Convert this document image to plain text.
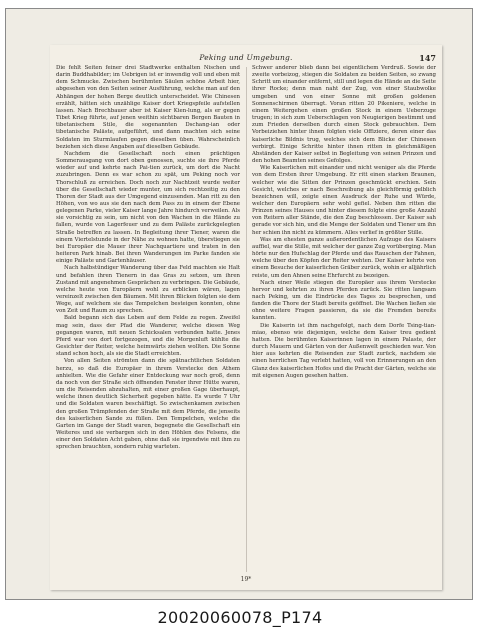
Peking und Umgebung.	147

Die fehlt Seiten feiner drei Stadtwerke enthalten Nischen und darin Buddhabilder; im Uebrigen ist er inwendig voll und eben mit dem Schmucke. Zwischen berühmten Säulen schöne Arbeit hier, abgesehen von den Seiten seiner Ausführung, welche man auf den Abhängen der hohen Berge deutlich unterscheidet. Wie Chinesen erzählt, hätten sich unzählige Kaiser dort Kriegspfeile aufstellen lassen. Nach Brechbauer aber ist Kaiser Kien-lung, als er gegen Tibet Krieg führte, auf jenen weithin sichtbaren Bergen Bauten in tibetanischem Stile, die sogenannten Dschang-ian oder tibetanische Paläste, aufgeführt, und dann machten sich seine Soldaten im Sturmlaufen gegen dieselben üben. Wahrscheinlich beziehen sich diese Angaben auf dieselben Gebäude.

Nachdem die Gesellschaft noch einen prächtigen Sommerausgang von dort oben genossen, suchte sie ihre Pferde wieder auf und kehrte nach Pai-tien zurück, um dort die Nacht zuzubringen. Denn es war schon zu spät, um Peking noch vor Thorschluß zu erreichen. Doch noch zur Nachtzeit wurde weiter über die Gesellschaft wieder munter, um sich rechtzeitig zu den Thoren der Stadt aus der Umgegend einzusenden. Man ritt zu den Höhen, von wo aus sie den nach dem Pass zu in einem der Ebene gelegenen Parke, vieler Kaiser lange Jahre hindurch verweilen. Als sie vorsichtig zu sein, um nicht von den Wachen in die Hände zu fallen, wurde von Lagerfeuer und zu dem Paläste zurückgelegten Straße betreffen zu lassen. In Begleitung ihrer Tiener, waren die einem Viertelstunde in der Nähe zu wohnen hatte, überstiegen sie bei Europäer die Mauer ihrer Nachquartiere und traten in den heiteren Park hinab. Bei ihren Wanderungen im Parke fanden sie einige Paläste und Gartenhäuser.

Nach halbstündiger Wanderung über das Feld machten sie Halt und befahlen ihren Tienern in das Gras zu setzen, um ihren Zustand mit angenehmen Gesprächen zu verbringen. Die Gebäude, welche heute von Europäern wohl zu erblicken wären, lagen vereinzelt zwischen den Bäumen. Mit ihren Blicken folgten sie dem Wege, auf welchem sie das Tempelchen besteigen konnten, ohne von Zeit und Raum zu sprechen.

Bald begann sich das Leben auf dem Felde zu regen. Zweifel mag sein, dass der Pfad die Wanderer, welche diesen Weg gegangen waren, mit neuen Schicksalen verbunden hatte. Jenes Pferd war von dort fortgezogen, und die Morgenluft kühlte die Gesichter der Reiter, welche heimwärts ziehen wollten. Die Sonne stand schon hoch, als sie die Stadt erreichten.

Von allen Seiten strömten dann die spätnachtlichen Soldaten herzu, so daß die Europäer in ihrem Verstecke den Athem anhielten. Wie die Gefahr einer Entdeckung war noch groß, denn da noch von der Straße sich öffnenden Fenster ihrer Hütte waren, um die Reisenden abzuhalten, mit einer großen Gage überhaupt, welche ihnen deutlich Sicherheit gegeben hätte. Es wurde 7 Uhr und die Soldaten waren beschäftigt. So zwischenkamen zwischen den großen Trümpfenden der Straße mit dem Pferde, die jenseits des kaiserlichen Sande zu füllen. Den Tempelchen, welche die Garten im Gange der Stadt waren, begegnete die Gesellschaft ein Weiteres und sie verbargen sich in den Höhlen des Felsens, die einer den Soldaten Acht gaben, ohne daß sie irgendwie mit ihm zu sprechen brauchten, sondern ruhig warteten.

Schwer anderer blieb dann bei eigentlichem Verdruß. Sowie der zweite vorbeizog, stiegen die Soldaten zu beiden Seiten, so zwang Schritt um einander entfernt, still und legen die Hände an die Seite ihrer Rocke; denn man naht der Zug, von einer Staubwolke umgeben und von einer Sonne mit großen goldenen Sonnenschirmen überragt. Voran ritten 20 Pikeniere, welche in einem Weitergehen einen großen Stock in einem Ueberzuge trugen; in sich zum Ueberschlagen von Neugierigen bestimmt und zum Frieden derselben durch einen Stock gebrauchten. Dem Vorbeiziehen hinter ihnen folgten viele Offiziere, deren einer das kaiserliche Bildnis trug, welches sich dem Blicke der Chinesen verbirgt. Einige Schritte hinter ihnen ritten in gleichmäßigen Abständen der Kaiser selbst in Begleitung von seinen Prinzen und den hohen Beamten seines Gefolges.

Wie Kaiserlichen mit einander und nicht weniger als die Pferde von dem Ersten ihrer Umgebung. Er ritt einen starken Braunen, welcher wie die Sitten der Prinzen geschmückt erschien. Sein Gesicht, welches er nach Beschreibung als gleichförmig gelblich bezeichnen will, zeigte einen Ausdruck der Ruhe und Würde, welcher den Europäern sehr wohl gefiel. Neben ihm ritten die Prinzen seines Hauses und hinter diesem folgte eine große Anzahl von Reitern aller Stände, die den Zug beschlossen. Der Kaiser sah gerade vor sich hin, und die Menge der Soldaten und Tiener um ihn her schien ihn nicht zu kümmern. Alles verlief in größter Stille.

Was am ehesten ganze außerordentlichen Aufzuge des Kaisers auffiel, war die Stille, mit welcher der ganze Zug vorüberging. Man hörte nur den Hufschlag der Pferde und das Rauschen der Fahnen, welche über den Köpfen der Reiter wehten. Der Kaiser kehrte von einem Besuche der kaiserlichen Gräber zurück, wohin er alljährlich reiste, um den Ahnen seine Ehrfurcht zu bezeigen.

Nach einer Weile stiegen die Europäer aus ihrem Verstecke hervor und kehrten zu ihren Pferden zurück. Sie ritten langsam nach Peking, um die Eindrücke des Tages zu besprechen, und fanden die Thore der Stadt bereits geöffnet. Die Wachen ließen sie ohne weitere Fragen passieren, da sie die Fremden bereits kannten.

Die Kaiserin ist ihm nachgefolgt, nach dem Dorfe Tsing-tian-miao, ebenso wie diejenigen, welche dem Kaiser treu gedient hatten. Die berühmten Kaiserinnen lagen in einem Palaste, der durch Mauern und Gärten von der Außenwelt geschieden war. Von hier aus kehrten die Reisenden zur Stadt zurück, nachdem sie einen herrlichen Tag verlebt hatten, voll von Erinnerungen an den Glanz des kaiserlichen Hofes und die Pracht der Gärten, welche sie mit eigenen Augen gesehen hatten.

19*
20020060078_P174
